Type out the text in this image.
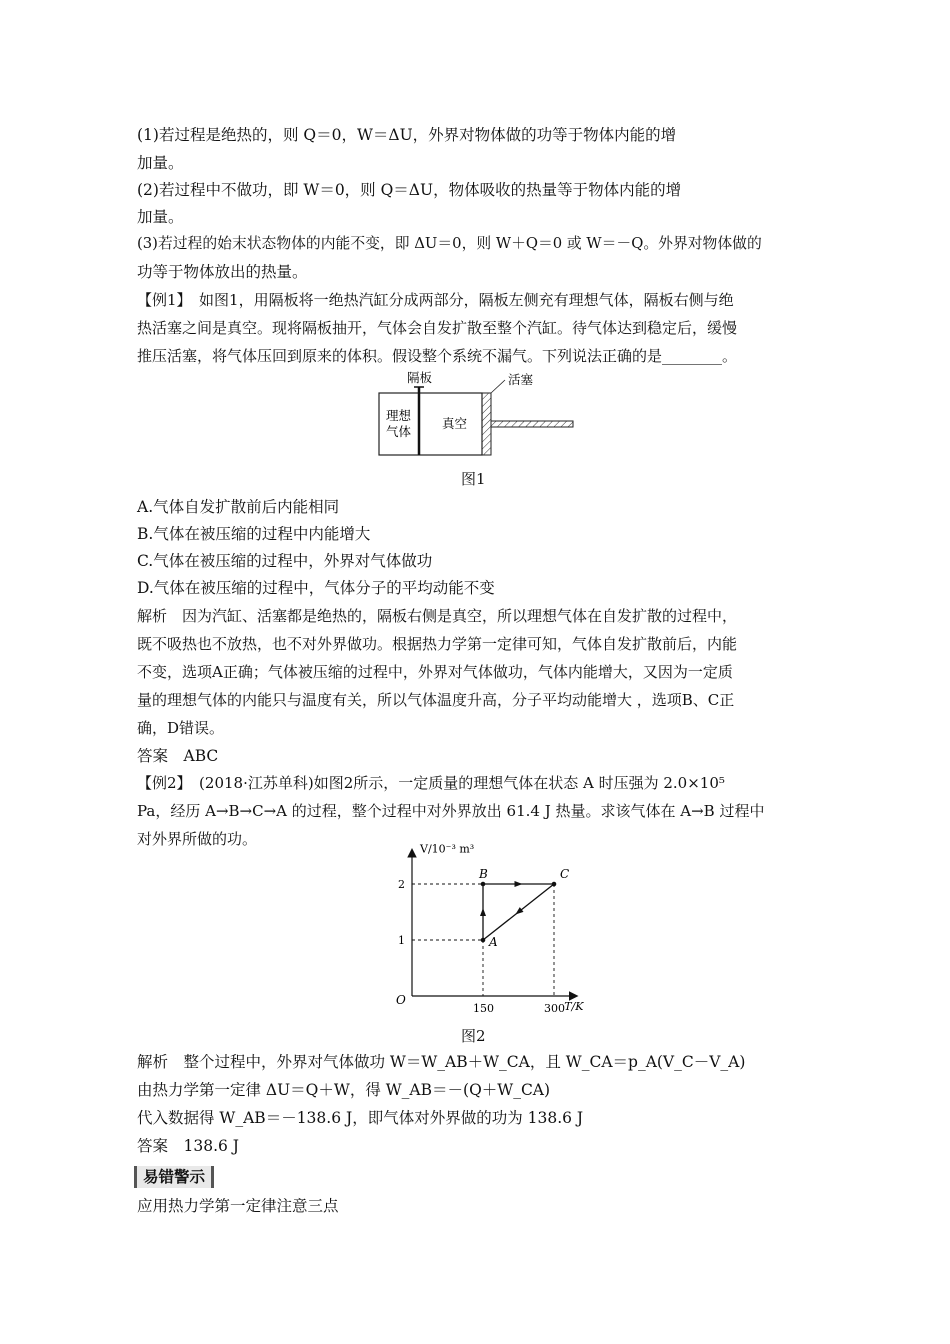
(1)若过程是绝热的，则 Q＝0，W＝ΔU，外界对物体做的功等于物体内能的增
加量。
(2)若过程中不做功，即 W＝0，则 Q＝ΔU，物体吸收的热量等于物体内能的增
加量。
(3)若过程的始末状态物体的内能不变，即 ΔU＝0，则 W＋Q＝0 或 W＝－Q。外界对物体做的
功等于物体放出的热量。
【例1】　如图1，用隔板将一绝热汽缸分成两部分，隔板左侧充有理想气体，隔板右侧与绝
热活塞之间是真空。现将隔板抽开，气体会自发扩散至整个汽缸。待气体达到稳定后，缓慢
推压活塞，将气体压回到原来的体积。假设整个系统不漏气。下列说法正确的是________。
隔板	活塞
理想
气体
真空
图1
A.气体自发扩散前后内能相同
B.气体在被压缩的过程中内能增大
C.气体在被压缩的过程中，外界对气体做功
D.气体在被压缩的过程中，气体分子的平均动能不变
解析　因为汽缸、活塞都是绝热的，隔板右侧是真空，所以理想气体在自发扩散的过程中，
既不吸热也不放热，也不对外界做功。根据热力学第一定律可知，气体自发扩散前后，内能
不变，选项A正确；气体被压缩的过程中，外界对气体做功，气体内能增大，又因为一定质
量的理想气体的内能只与温度有关，所以气体温度升高，分子平均动能增大 ，选项B、C正
确，D错误。
答案　ABC
【例2】　(2018·江苏单科)如图2所示，一定质量的理想气体在状态 A 时压强为 2.0×10⁵
Pa，经历 A→B→C→A 的过程，整个过程中对外界放出 61.4 J 热量。求该气体在 A→B 过程中
对外界所做的功。
V/10⁻³ m³
T/K
O
1
2
150	300
A
B	C
图2
解析　整个过程中，外界对气体做功 W＝W_AB＋W_CA，且 W_CA＝p_A(V_C－V_A)
由热力学第一定律 ΔU＝Q＋W，得 W_AB＝－(Q＋W_CA)
代入数据得 W_AB＝－138.6 J，即气体对外界做的功为 138.6 J
答案　138.6 J
易错警示
应用热力学第一定律注意三点
